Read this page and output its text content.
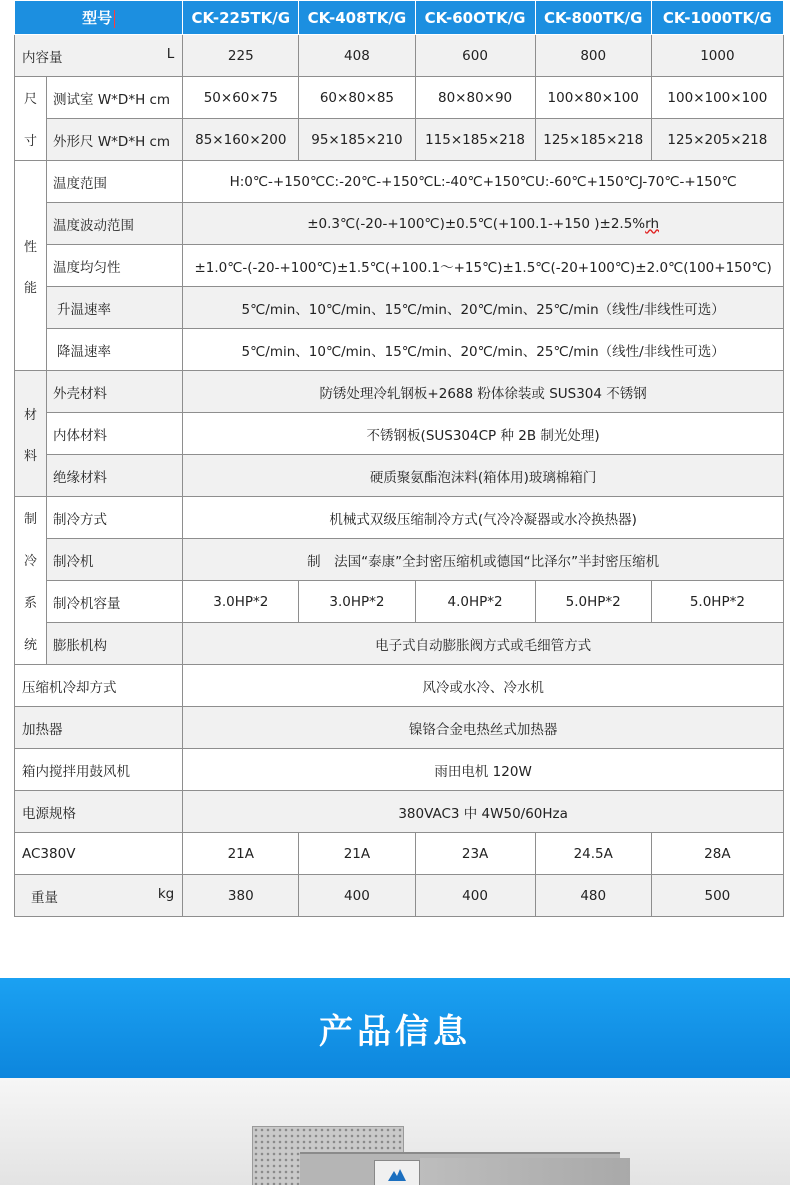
型号		CK-225TK/G	CK-408TK/G	CK-60OTK/G	CK-800TK/G	CK-1000TK/G

内容量 L		225	408	600	800	1000

尺
寸	测试室 W*D*H cm	50×60×75	60×80×85	80×80×90	100×80×100	100×100×100
	外形尺 W*D*H cm	85×160×200	95×185×210	115×185×218	125×185×218	125×205×218

性
能	温度范围	H:0℃-+150℃C:-20℃-+150℃L:-40℃+150℃U:-60℃+150℃J-70℃-+150℃				
	温度波动范围	±0.3℃(-20-+100℃)±0.5℃(+100.1-+150 )±2.5%rh				
	温度均匀性	±1.0℃-(-20-+100℃)±1.5℃(+100.1～+15℃)±1.5℃(-20+100℃)±2.0℃(100+150℃)				
	升温速率	5℃/min、10℃/min、15℃/min、20℃/min、25℃/min（线性/非线性可选）				
	降温速率	5℃/min、10℃/min、15℃/min、20℃/min、25℃/min（线性/非线性可选）				

材
料	外壳材料	防锈处理冷轧钢板+2688 粉体徐装或 SUS304 不锈钢				
	内体材料	不锈钢板(SUS304CP 种 2B 制光处理)				
	绝缘材料	硬质聚氨酯泡沫料(箱体用)玻璃棉箱门				

制
冷
系
统	制冷方式	机械式双级压缩制冷方式(气冷冷凝器或水冷换热器)				
	制冷机	制　法国“泰康”全封密压缩机或德国“比泽尔”半封密压缩机				
	制冷机容量	3.0HP*2	3.0HP*2	4.0HP*2	5.0HP*2	5.0HP*2
	膨胀机构	电子式自动膨胀阀方式或毛细管方式				
压缩机冷却方式		风冷或水冷、冷水机				
加热器		镍铬合金电热丝式加热器				
箱内搅拌用鼓风机		雨田电机 120W				
电源规格		380VAC3 中 4W50/60Hza				
AC380V		21A	21A	23A	24.5A	28A

重量 kg		380	400	400	480	500
产品信息
